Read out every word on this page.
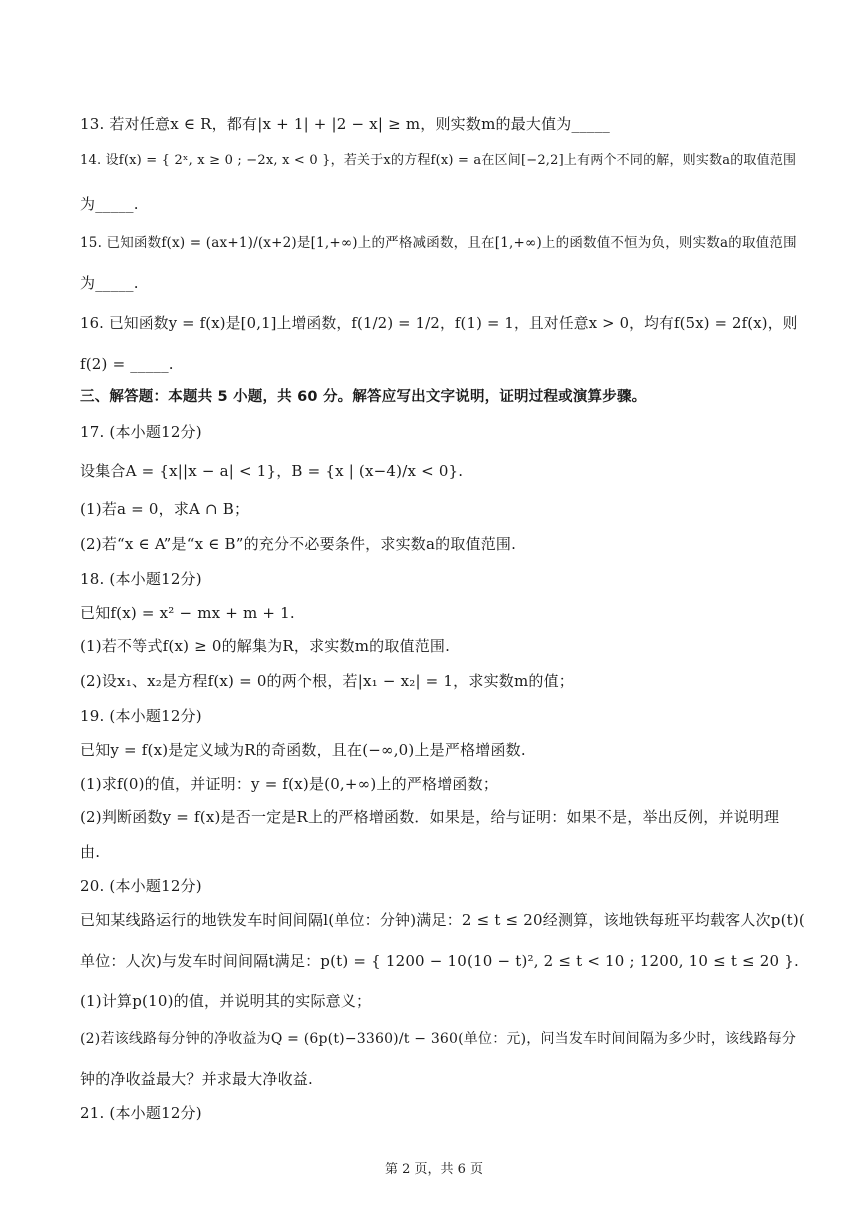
13. 若对任意x ∈ R，都有|x + 1| + |2 − x| ≥ m，则实数m的最大值为_____
14. 设f(x) = { 2ˣ, x ≥ 0 ; −2x, x < 0 }，若关于x的方程f(x) = a在区间[−2,2]上有两个不同的解，则实数a的取值范围
为_____.
15. 已知函数f(x) = (ax+1)/(x+2)是[1,+∞)上的严格减函数，且在[1,+∞)上的函数值不恒为负，则实数a的取值范围
为_____.
16. 已知函数y = f(x)是[0,1]上增函数，f(1/2) = 1/2，f(1) = 1，且对任意x > 0，均有f(5x) = 2f(x)，则
f(2) = _____.
三、解答题：本题共 5 小题，共 60 分。解答应写出文字说明，证明过程或演算步骤。
17. (本小题12分)
设集合A = {x||x − a| < 1}，B = {x | (x−4)/x < 0}.
(1)若a = 0，求A ∩ B；
(2)若“x ∈ A”是“x ∈ B”的充分不必要条件，求实数a的取值范围.
18. (本小题12分)
已知f(x) = x² − mx + m + 1.
(1)若不等式f(x) ≥ 0的解集为R，求实数m的取值范围.
(2)设x₁、x₂是方程f(x) = 0的两个根，若|x₁ − x₂| = 1，求实数m的值；
19. (本小题12分)
已知y = f(x)是定义域为R的奇函数，且在(−∞,0)上是严格增函数.
(1)求f(0)的值，并证明：y = f(x)是(0,+∞)上的严格增函数；
(2)判断函数y = f(x)是否一定是R上的严格增函数．如果是，给与证明：如果不是，举出反例，并说明理
由.
20. (本小题12分)
已知某线路运行的地铁发车时间间隔l(单位：分钟)满足：2 ≤ t ≤ 20经测算，该地铁每班平均载客人次p(t)(
单位：人次)与发车时间间隔t满足：p(t) = { 1200 − 10(10 − t)², 2 ≤ t < 10 ; 1200, 10 ≤ t ≤ 20 }.
(1)计算p(10)的值，并说明其的实际意义；
(2)若该线路每分钟的净收益为Q = (6p(t)−3360)/t − 360(单位：元)，问当发车时间间隔为多少时，该线路每分
钟的净收益最大？并求最大净收益.
21. (本小题12分)
第 2 页，共 6 页
